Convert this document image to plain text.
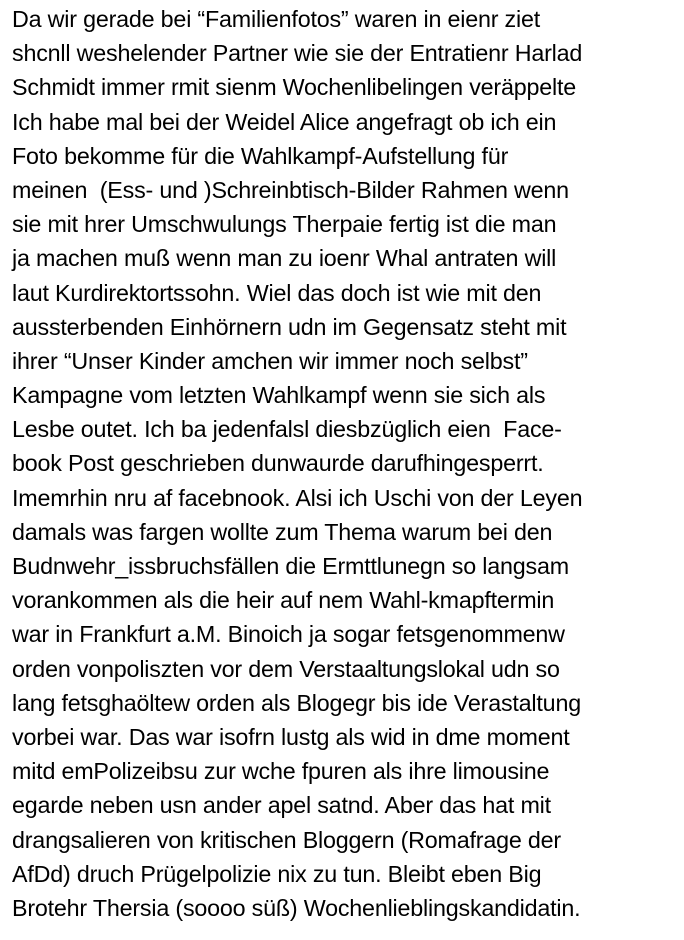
Da wir gerade bei “Familienfotos” waren in eienr ziet
shcnll weshelender Partner wie sie der Entratienr Harlad
Schmidt immer rmit sienm Wochenlibelingen veräppelte
Ich habe mal bei der Weidel Alice angefragt ob ich ein
Foto bekomme für die Wahlkampf-Aufstellung für
meinen  (Ess- und )Schreinbtisch-Bilder Rahmen wenn
sie mit hrer Umschwulungs Therpaie fertig ist die man
ja machen muß wenn man zu ioenr Whal antraten will
laut Kurdirektortssohn. Wiel das doch ist wie mit den
aussterbenden Einhörnern udn im Gegensatz steht mit
ihrer “Unser Kinder amchen wir immer noch selbst”
Kampagne vom letzten Wahlkampf wenn sie sich als
Lesbe outet. Ich ba jedenfalsl diesbzüglich eien  Face-
book Post geschrieben dunwaurde darufhingesperrt.
Imemrhin nru af facebnook. Alsi ich Uschi von der Leyen
damals was fargen wollte zum Thema warum bei den
Budnwehr_issbruchsfällen die Ermttlunegn so langsam
vorankommen als die heir auf nem Wahl-kmapftermin
war in Frankfurt a.M. Binoich ja sogar fetsgenommenw
orden vonpoliszten vor dem Verstaaltungslokal udn so
lang fetsghaöltew orden als Blogegr bis ide Verastaltung
vorbei war. Das war isofrn lustg als wid in dme moment
mitd emPolizeibsu zur wche fpuren als ihre limousine
egarde neben usn ander apel satnd. Aber das hat mit
drangsalieren von kritischen Bloggern (Romafrage der
AfDd) druch Prügelpolizie nix zu tun. Bleibt eben Big
Brotehr Thersia (soooo süß) Wochenlieblingskandidatin.
